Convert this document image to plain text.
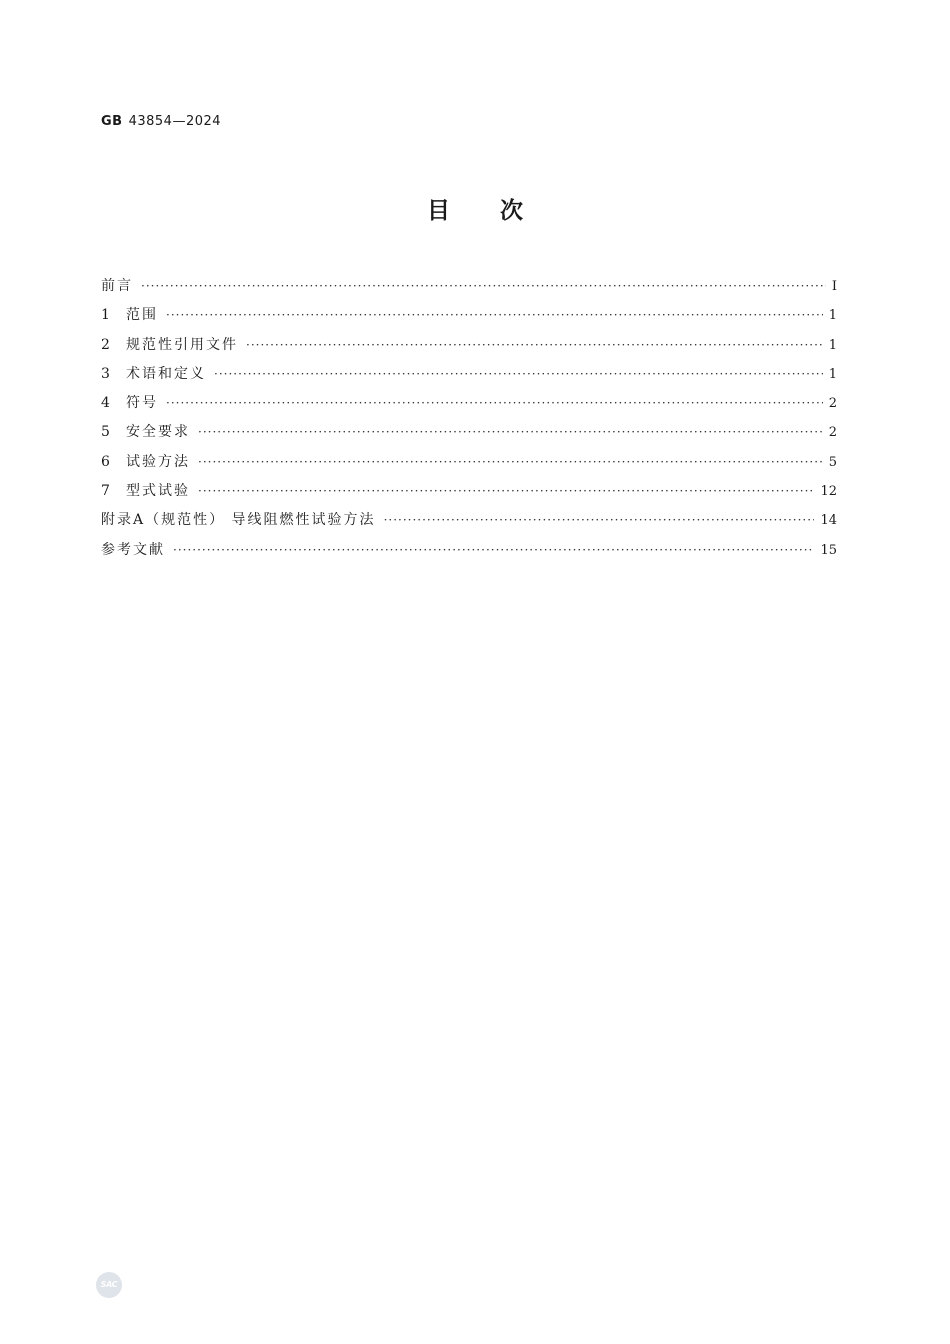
GB 43854—2024
目次
前言 ·····	Ⅰ
1 范围 ·····	1
2 规范性引用文件 ·····	1
3 术语和定义 ·····	1
4 符号 ·····	2
5 安全要求 ·····	2
6 试验方法 ·····	5
7 型式试验 ·····	12
附录A（规范性） 导线阻燃性试验方法 ·····	14
参考文献 ·····	15
SAC
